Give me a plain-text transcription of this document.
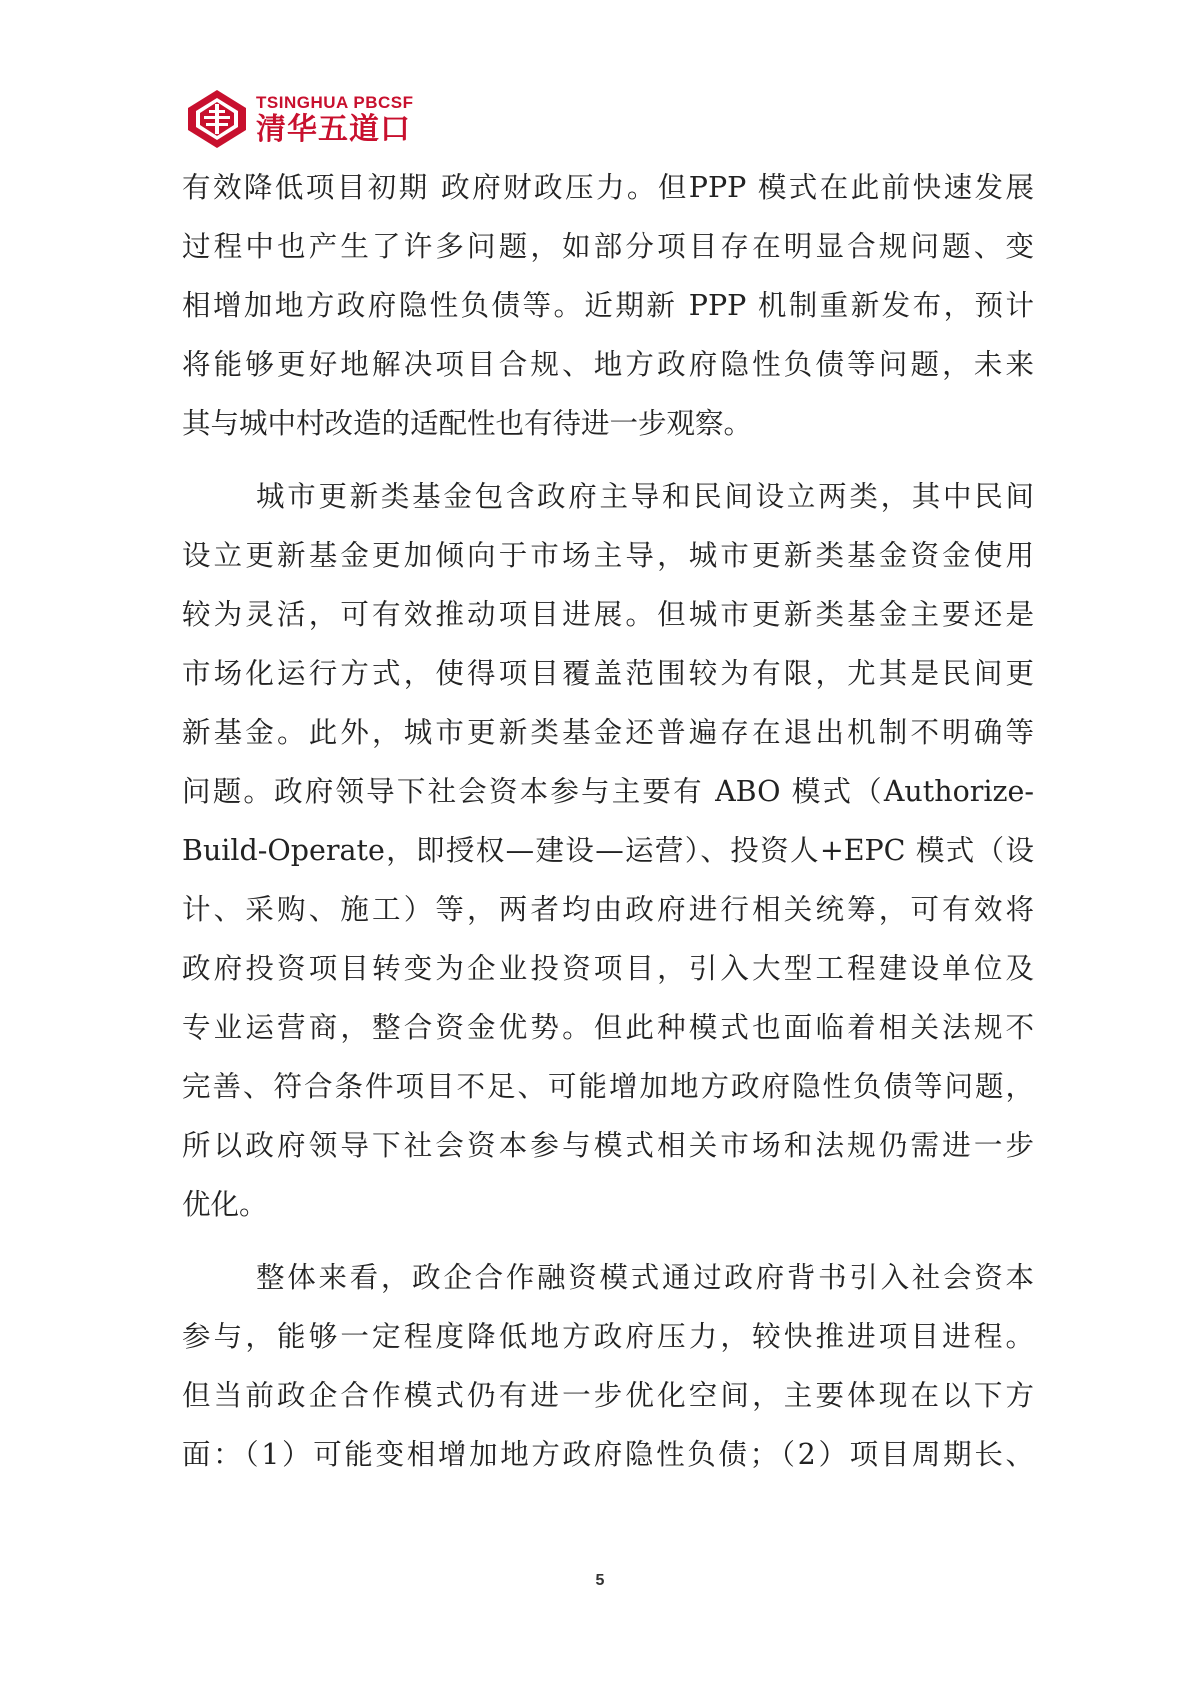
TSINGHUA PBCSF
清华五道口
有效降低项目初期 政府财政压力。但PPP 模式在此前快速发展
过程中也产生了许多问题，如部分项目存在明显合规问题、变
相增加地方政府隐性负债等。近期新 PPP 机制重新发布，预计
将能够更好地解决项目合规、地方政府隐性负债等问题，未来
其与城中村改造的适配性也有待进一步观察。
城市更新类基金包含政府主导和民间设立两类，其中民间
设立更新基金更加倾向于市场主导，城市更新类基金资金使用
较为灵活，可有效推动项目进展。但城市更新类基金主要还是
市场化运行方式，使得项目覆盖范围较为有限，尤其是民间更
新基金。此外，城市更新类基金还普遍存在退出机制不明确等
问题。政府领导下社会资本参与主要有 ABO 模式（Authorize-
Build-Operate，即授权—建设—运营）、投资人+EPC 模式（设
计、采购、施工）等，两者均由政府进行相关统筹，可有效将
政府投资项目转变为企业投资项目，引入大型工程建设单位及
专业运营商，整合资金优势。但此种模式也面临着相关法规不
完善、符合条件项目不足、可能增加地方政府隐性负债等问题，
所以政府领导下社会资本参与模式相关市场和法规仍需进一步
优化。
整体来看，政企合作融资模式通过政府背书引入社会资本
参与，能够一定程度降低地方政府压力，较快推进项目进程。
但当前政企合作模式仍有进一步优化空间，主要体现在以下方
面：（1）可能变相增加地方政府隐性负债；（2）项目周期长、
5
